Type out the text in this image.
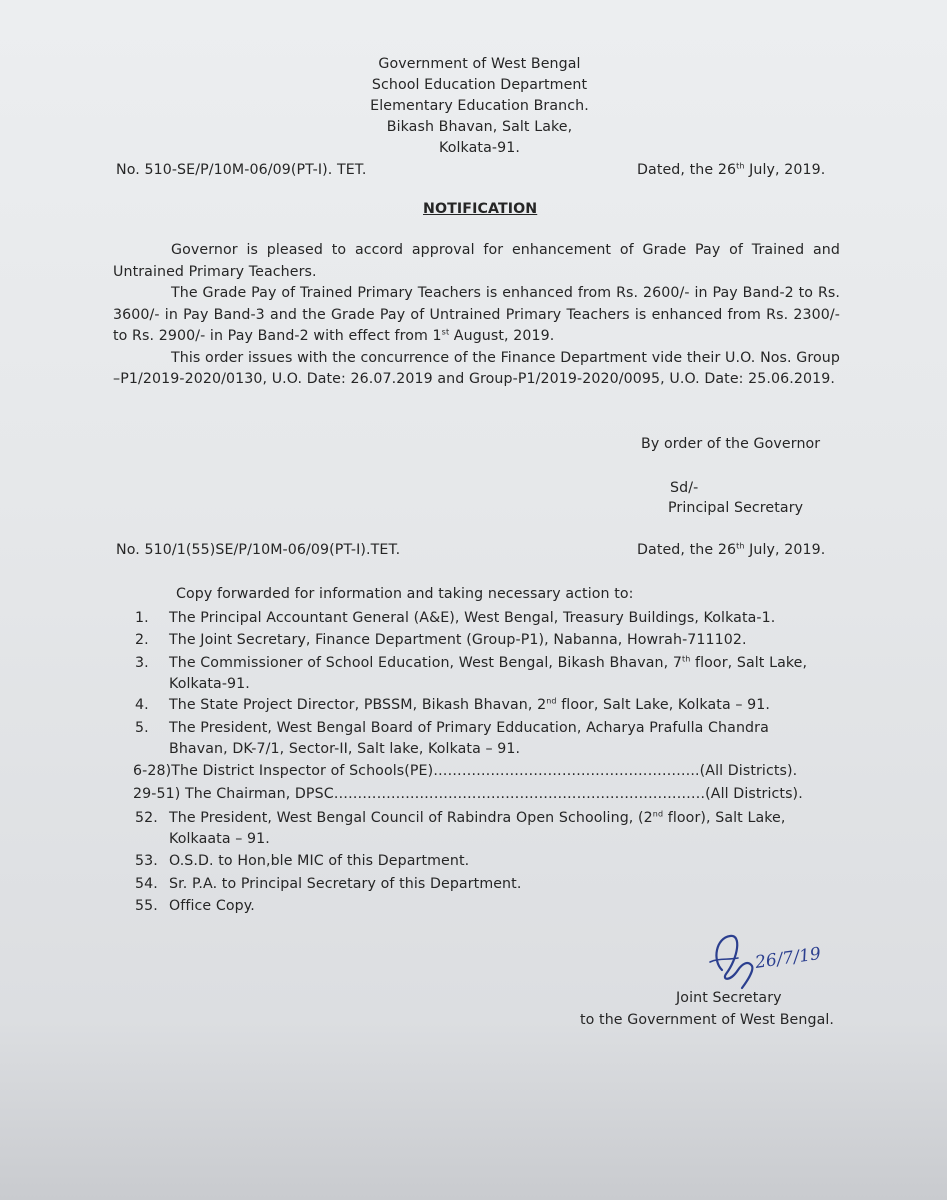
Government of West Bengal
School Education Department
Elementary Education Branch.
Bikash Bhavan, Salt Lake,
Kolkata-91.
No. 510-SE/P/10M-06/09(PT-I). TET.	Dated, the 26th July, 2019.
NOTIFICATION

Governor is pleased to accord approval for enhancement of Grade Pay of Trained and Untrained Primary Teachers.

The Grade Pay of Trained Primary Teachers is enhanced from Rs. 2600/- in Pay Band-2 to Rs. 3600/- in Pay Band-3 and the Grade Pay of Untrained Primary Teachers is enhanced from Rs. 2300/- to Rs. 2900/- in Pay Band-2 with effect from 1st August, 2019.

This order issues with the concurrence of the Finance Department vide their U.O. Nos. Group –P1/2019-2020/0130, U.O. Date: 26.07.2019 and Group-P1/2019-2020/0095, U.O. Date: 25.06.2019.

By order of the Governor
Sd/-
Principal Secretary
No. 510/1(55)SE/P/10M-06/09(PT-I).TET.	Dated, the 26th July, 2019.
Copy forwarded for information and taking necessary action to:
1. The Principal Accountant General (A&E), West Bengal, Treasury Buildings, Kolkata-1.
2. The Joint Secretary, Finance Department (Group-P1), Nabanna, Howrah-711102.
3. The Commissioner of School Education, West Bengal, Bikash Bhavan, 7th floor, Salt Lake,
Kolkata-91.
4. The State Project Director, PBSSM, Bikash Bhavan, 2nd floor, Salt Lake, Kolkata – 91.
5. The President, West Bengal Board of Primary Edducation, Acharya Prafulla Chandra
Bhavan, DK-7/1, Sector-II, Salt lake, Kolkata – 91.
6-28)The District Inspector of Schools(PE)………………………………………………..(All Districts).
29-51) The Chairman, DPSC……………………………………………………………………(All Districts).
52. The President, West Bengal Council of Rabindra Open Schooling, (2nd floor), Salt Lake,
Kolkaata – 91.
53. O.S.D. to Hon,ble MIC of this Department.
54. Sr. P.A. to Principal Secretary of this Department.
55. Office Copy.
26/7/19
Joint Secretary
to the Government of West Bengal.
